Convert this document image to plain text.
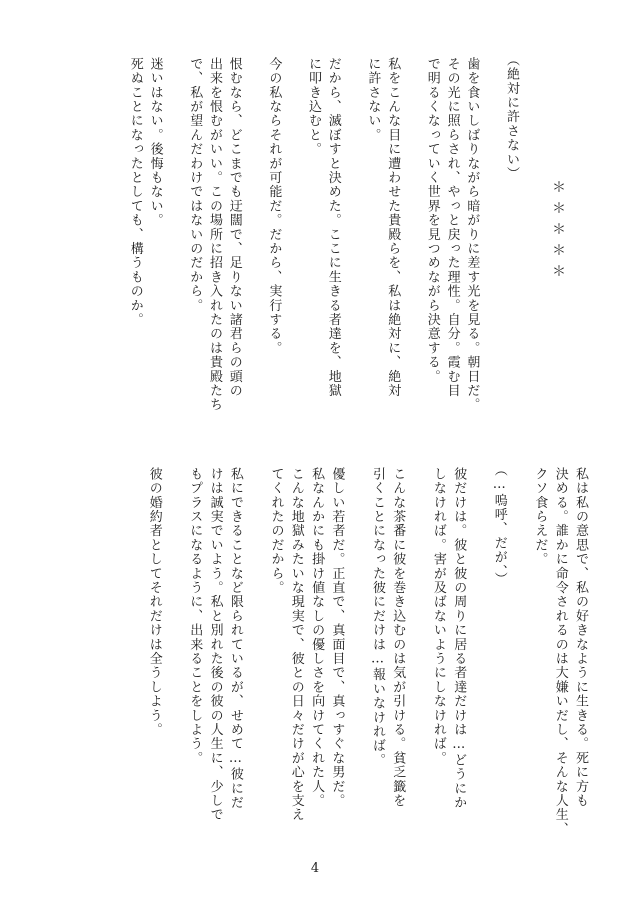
＊＊＊＊＊
（絶対に許さない）
歯を食いしばりながら暗がりに差す光を見る。朝日だ。
その光に照らされ、やっと戻った理性。自分。霞む目
で明るくなっていく世界を見つめながら決意する。
私をこんな目に遭わせた貴殿らを、私は絶対に、絶対
に許さない。
だから、滅ぼすと決めた。ここに生きる者達を、地獄
に叩き込むと。
今の私ならそれが可能だ。だから、実行する。
恨むなら、どこまでも迂闊で、足りない諸君らの頭の
出来を恨むがいい。この場所に招き入れたのは貴殿たち
で、私が望んだわけではないのだから。
迷いはない。後悔もない。
死ぬことになったとしても、構うものか。
私は私の意思で、私の好きなように生きる。死に方も
決める。誰かに命令されるのは大嫌いだし、そんな人生、
クソ食らえだ。
（…嗚呼、だが、）
彼だけは。彼と彼の周りに居る者達だけは…どうにか
しなければ。害が及ばないようにしなければ。
こんな茶番に彼を巻き込むのは気が引ける。貧乏籤を
引くことになった彼にだけは…報いなければ。
優しい若者だ。正直で、真面目で、真っすぐな男だ。
私なんかにも掛け値なしの優しさを向けてくれた人。
こんな地獄みたいな現実で、彼との日々だけが心を支え
てくれたのだから。
私にできることなど限られているが、せめて…彼にだ
けは誠実でいよう。私と別れた後の彼の人生に、少しで
もプラスになるように、出来ることをしよう。
彼の婚約者としてそれだけは全うしよう。
4
